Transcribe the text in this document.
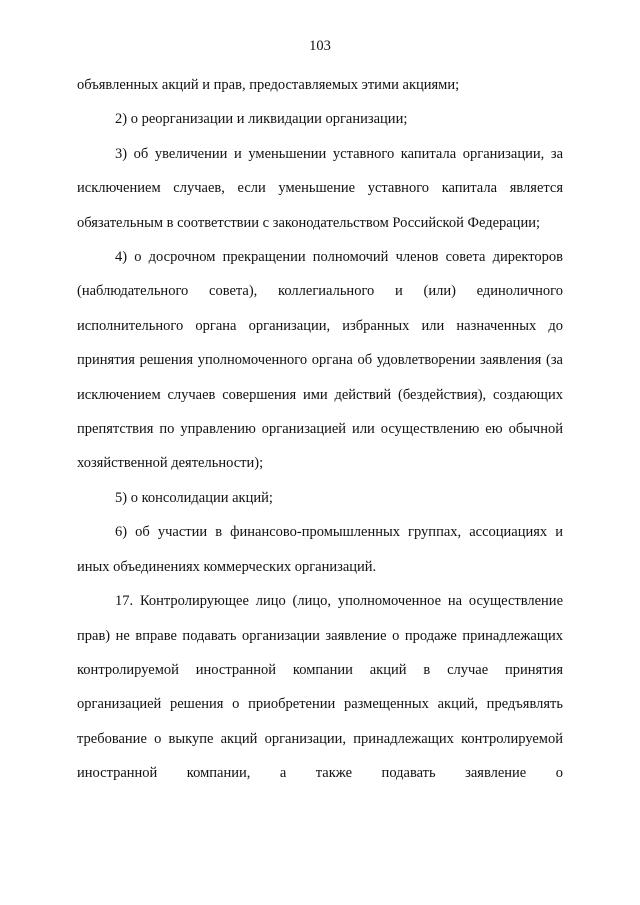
103

объявленных акций и прав, предоставляемых этими акциями;

2) о реорганизации и ликвидации организации;

3) об увеличении и уменьшении уставного капитала организации, за исключением случаев, если уменьшение уставного капитала является обязательным в соответствии с законодательством Российской Федерации;

4) о досрочном прекращении полномочий членов совета директоров (наблюдательного совета), коллегиального и (или) единоличного исполнительного органа организации, избранных или назначенных до принятия решения уполномоченного органа об удовлетворении заявления (за исключением случаев совершения ими действий (бездействия), создающих препятствия по управлению организацией или осуществлению ею обычной хозяйственной деятельности);

5) о консолидации акций;

6) об участии в финансово-промышленных группах, ассоциациях и иных объединениях коммерческих организаций.

17. Контролирующее лицо (лицо, уполномоченное на осуществление прав) не вправе подавать организации заявление о продаже принадлежащих контролируемой иностранной компании акций в случае принятия организацией решения о приобретении размещенных акций, предъявлять требование о выкупе акций организации, принадлежащих контролируемой иностранной компании, а также подавать заявление о
